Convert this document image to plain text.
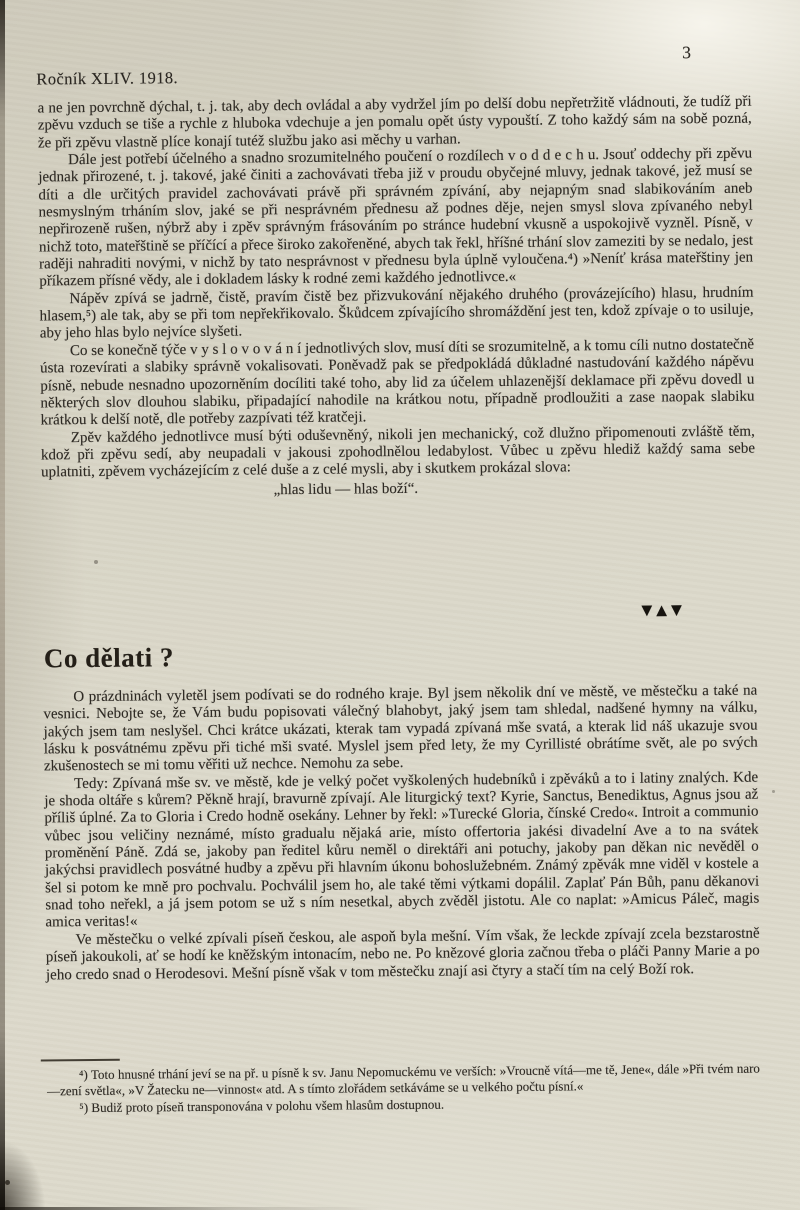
Ročník XLIV. 1918.
3

a ne jen povrchně dýchal, t. j. tak, aby dech ovládal a aby vydržel jím po delší dobu nepřetržitě vládnouti, že tudíž při zpěvu vzduch se tiše a rychle z hluboka vdechuje a jen pomalu opět ústy vypouští. Z toho každý sám na sobě pozná, že při zpěvu vlastně plíce konají tutéž službu jako asi měchy u varhan.

Dále jest potřebí účelného a snadno srozumitelného poučení o rozdílech v o d d e c h u. Jsouť oddechy při zpěvu jednak přirozené, t. j. takové, jaké činiti a zachovávati třeba již v proudu obyčejné mluvy, jednak takové, jež musí se díti a dle určitých pravidel zachovávati právě při správném zpívání, aby nejapným snad slabikováním aneb nesmyslným trháním slov, jaké se při nesprávném přednesu až podnes děje, nejen smysl slova zpívaného nebyl nepřirozeně rušen, nýbrž aby i zpěv správným frásováním po stránce hudební vkusně a uspokojivě vyzněl. Písně, v nichž toto, mateřštině se příčící a přece široko zakořeněné, abych tak řekl, hříšné trhání slov zameziti by se nedalo, jest raději nahraditi novými, v nichž by tato nesprávnost v přednesu byla úplně vyloučena.⁴) »Neníť krása mateřštiny jen příkazem přísné vědy, ale i dokladem lásky k rodné zemi každého jednotlivce.«

Nápěv zpívá se jadrně, čistě, pravím čistě bez přizvukování nějakého druhého (provázejícího) hlasu, hrudním hlasem,⁵) ale tak, aby se při tom nepřekřikovalo. Škůdcem zpívajícího shromáždění jest ten, kdož zpívaje o to usiluje, aby jeho hlas bylo nejvíce slyšeti.

Co se konečně týče v y s l o v o v á n í jednotlivých slov, musí díti se srozumitelně, a k tomu cíli nutno dostatečně ústa rozevírati a slabiky správně vokalisovati. Poněvadž pak se předpokládá důkladné nastudování každého nápěvu písně, nebude nesnadno upozorněním docíliti také toho, aby lid za účelem uhlazenější deklamace při zpěvu dovedl u některých slov dlouhou slabiku, připadající nahodile na krátkou notu, případně prodloužiti a zase naopak slabiku krátkou k delší notě, dle potřeby zazpívati též kratčeji.

Zpěv každého jednotlivce musí býti oduševněný, nikoli jen mechanický, což dlužno připomenouti zvláště těm, kdož při zpěvu sedí, aby neupadali v jakousi zpohodlnělou ledabylost. Vůbec u zpěvu hlediž každý sama sebe uplatniti, zpěvem vycházejícím z celé duše a z celé mysli, aby i skutkem prokázal slova:

„hlas lidu — hlas boží“.
▼▲▼
Co dělati ?

O prázdninách vyletěl jsem podívati se do rodného kraje. Byl jsem několik dní ve městě, ve městečku a také na vesnici. Nebojte se, že Vám budu popisovati válečný blahobyt, jaký jsem tam shledal, nadšené hymny na válku, jakých jsem tam neslyšel. Chci krátce ukázati, kterak tam vypadá zpívaná mše svatá, a kterak lid náš ukazuje svou lásku k posvátnému zpěvu při tiché mši svaté. Myslel jsem před lety, že my Cyrillisté obrátíme svět, ale po svých zkušenostech se mi tomu věřiti už nechce. Nemohu za sebe.

Tedy: Zpívaná mše sv. ve městě, kde je velký počet vyškolených hudebníků i zpěváků a to i latiny znalých. Kde je shoda oltáře s kůrem? Pěkně hrají, bravurně zpívají. Ale liturgický text? Kyrie, Sanctus, Benediktus, Agnus jsou až příliš úplné. Za to Gloria i Credo hodně osekány. Lehner by řekl: »Turecké Gloria, čínské Credo«. Introit a communio vůbec jsou veličiny neznámé, místo gradualu nějaká arie, místo offertoria jakési divadelní Ave a to na svátek proměnění Páně. Zdá se, jakoby pan ředitel kůru neměl o direktáři ani potuchy, jakoby pan děkan nic nevěděl o jakýchsi pravidlech posvátné hudby a zpěvu při hlavním úkonu bohoslužebném. Známý zpěvák mne viděl v kostele a šel si potom ke mně pro pochvalu. Pochválil jsem ho, ale také těmi výtkami dopálil. Zaplať Pán Bůh, panu děkanovi snad toho neřekl, a já jsem potom se už s ním nesetkal, abych zvěděl jistotu. Ale co naplat: »Amicus Páleč, magis amica veritas!«

Ve městečku o velké zpívali píseň českou, ale aspoň byla mešní. Vím však, že leckde zpívají zcela bezstarostně píseň jakoukoli, ať se hodí ke kněžským intonacím, nebo ne. Po knězové gloria začnou třeba o pláči Panny Marie a po jeho credo snad o Herodesovi. Mešní písně však v tom městečku znají asi čtyry a stačí tím na celý Boží rok.

⁴) Toto hnusné trhání jeví se na př. u písně k sv. Janu Nepomuckému ve verších: »Vroucně vítá—me tě, Jene«, dále »Při tvém naro—zení světla«, »V Žatecku ne—vinnost« atd. A s tímto zlořádem setkáváme se u velkého počtu písní.«

⁵) Budiž proto píseň transponována v polohu všem hlasům dostupnou.
